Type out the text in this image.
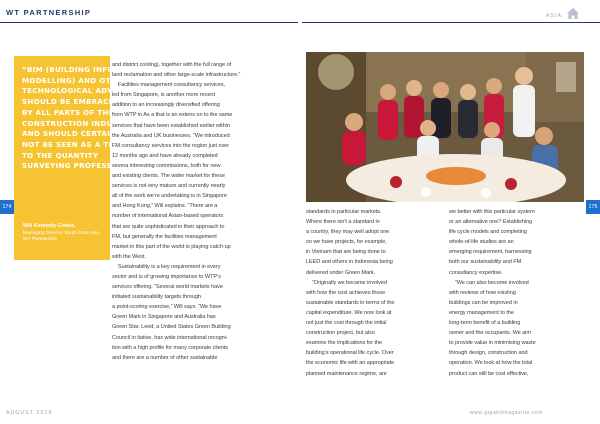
WT PARTNERSHIP	ASIA
174	175
“BIM (BUILDING INFORMATION
MODELLING) AND OTHER
TECHNOLOGICAL ADVANCE
SHOULD BE EMBRACED FULLY
BY ALL PARTS OF THE
CONSTRUCTION INDUSTRY
AND SHOULD CERTAINLY
NOT BE SEEN AS A THREAT
TO THE QUANTITY
SURVEYING PROFESSION”
Will Kennedy-Cooke,
Managing Director South East Asia, WT Partnership
and district cooling), together with the full range of
land reclamation and other large-scale infrastructure.”
Facilities management consultancy services,
led from Singapore, is another more recent
addition to an increasingly diversified offering
from WTP in As a that is an extens on to the same
services that have been established earlier within
the Australia and UK businesses. “We introduced
FM consultancy services into the region just over
12 months ago and have already completed
severa interesting commissions, both for new
and existing clients. The wider market for these
services is not very mature and currently nearly
all of the work we’re undertaking is in Singapore
and Hong Kong,” Will explains. “There are a
number of international Asian-based operators
that are quite sophisticated in their approach to
FM, but generally the facilities management
market in this part of the world is playing catch-up
with the West.
Sustainability is a key requirement in every
sector and is of growing importance to WTP’s
services offering. “Several world markets have
initiated sustainability targets through
a point-scoring exercise,” Will says. “We have
Green Mark in Singapore and Australia has
Green Star. Leed, a United States Green Building
Council in tiative, has wide international recogni-
tion with a high profile for many corporate clients
and there are a number of other sustainable
standards in particular markets.
Where there isn’t a standard in
a country, they may well adopt one
so we have projects, for example,
in Vietnam that are being done to
LEED and others in Indonesia being
delivered under Green Mark.
“Originally we became involved
with how the cost achieves those
sustainable standards in terms of the
capital expenditure. We now look at
not just the cost through the initial
construction project, but also
examine the implications for the
building’s operational life cycle. Over
the economic life with an appropriate
planned maintenance regime, are
we better with this particular system
or an alternative one? Establishing
life cycle models and completing
whole-of-life studies are an
emerging requirement, harnessing
both our sustainability and FM
consultancy expertise.
“We can also become involved
with reviews of how existing
buildings can be improved in
energy management to the
long-term benefit of a building
owner and the occupants. We aim
to provide value in minimising waste
through design, construction and
operation. We look at how the total
product can still be cost effective,
AUGUST 2019	www.gigabitmagazine.com
